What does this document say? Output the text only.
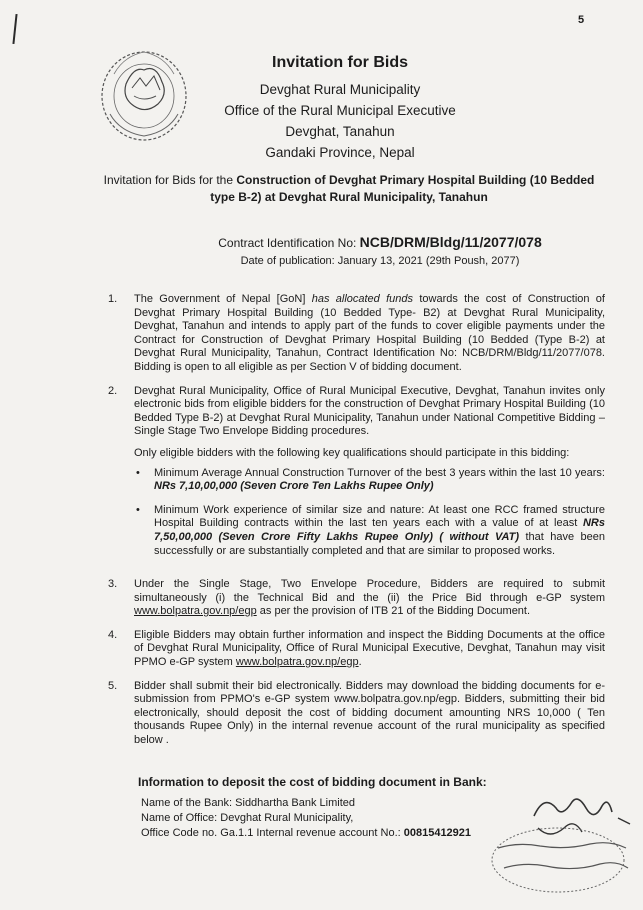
5
Invitation for Bids
Devghat Rural Municipality
Office of the Rural Municipal Executive
Devghat, Tanahun
Gandaki Province, Nepal
Invitation for Bids for the Construction of Devghat Primary Hospital Building (10 Bedded type B-2) at Devghat Rural Municipality, Tanahun
Contract Identification No: NCB/DRM/Bldg/11/2077/078
Date of publication: January 13, 2021 (29th Poush, 2077)
1.	The Government of Nepal [GoN] has allocated funds towards the cost of Construction of Devghat Primary Hospital Building (10 Bedded Type- B2) at Devghat Rural Municipality, Devghat, Tanahun and intends to apply part of the funds to cover eligible payments under the Contract for Construction of Devghat Primary Hospital Building (10 Bedded (Type B-2) at Devghat Rural Municipality, Tanahun, Contract Identification No: NCB/DRM/Bldg/11/2077/078. Bidding is open to all eligible as per Section V of bidding document.
2.	Devghat Rural Municipality, Office of Rural Municipal Executive, Devghat, Tanahun invites only electronic bids from eligible bidders for the construction of Devghat Primary Hospital Building (10 Bedded Type B-2) at Devghat Rural Municipality, Tanahun under National Competitive Bidding – Single Stage Two Envelope Bidding procedures.
Only eligible bidders with the following key qualifications should participate in this bidding:
•	Minimum Average Annual Construction Turnover of the best 3 years within the last 10 years: NRs 7,10,00,000 (Seven Crore Ten Lakhs Rupee Only)
•	Minimum Work experience of similar size and nature: At least one RCC framed structure Hospital Building contracts within the last ten years each with a value of at least NRs 7,50,00,000 (Seven Crore Fifty Lakhs Rupee Only) ( without VAT) that have been successfully or are substantially completed and that are similar to proposed works.
3.	Under the Single Stage, Two Envelope Procedure, Bidders are required to submit simultaneously (i) the Technical Bid and the (ii) the Price Bid through e-GP system www.bolpatra.gov.np/egp as per the provision of ITB 21 of the Bidding Document.
4.	Eligible Bidders may obtain further information and inspect the Bidding Documents at the office of Devghat Rural Municipality, Office of Rural Municipal Executive, Devghat, Tanahun may visit PPMO e-GP system www.bolpatra.gov.np/egp.
5.	Bidder shall submit their bid electronically. Bidders may download the bidding documents for e-submission from PPMO's e-GP system www.bolpatra.gov.np/egp. Bidders, submitting their bid electronically, should deposit the cost of bidding document amounting NRS 10,000 ( Ten thousands Rupee Only) in the internal revenue account of the rural municipality as specified below .
Information to deposit the cost of bidding document in Bank:
Name of the Bank: Siddhartha Bank Limited
Name of Office: Devghat Rural Municipality,
Office Code no. Ga.1.1 Internal revenue account No.: 00815412921
